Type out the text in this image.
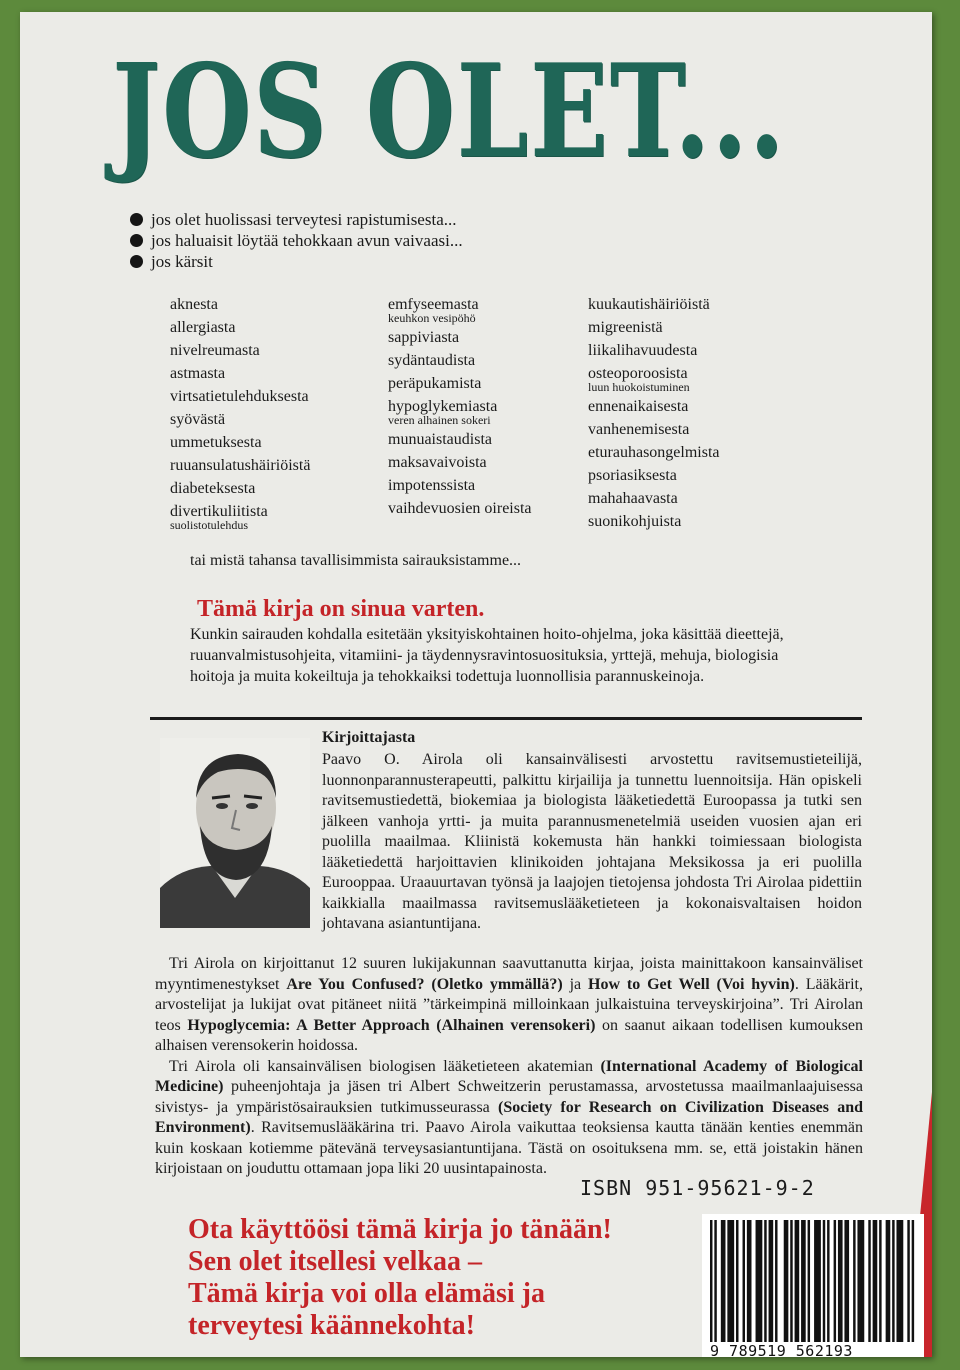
JOS OLET...
jos olet huolissasi terveytesi rapistumisesta...
jos haluaisit löytää tehokkaan avun vaivaasi...
jos kärsit
aknesta
allergiasta
nivelreumasta
astmasta
virtsatietulehduksesta
syövästä
ummetuksesta
ruuansulatushäiriöistä
diabeteksesta
divertikuliitista
suolistotulehdus
emfyseemasta
keuhkon vesipöhö
sappiviasta
sydäntaudista
peräpukamista
hypoglykemiasta
veren alhainen sokeri
munuaistaudista
maksavaivoista
impotenssista
vaihdevuosien oireista
kuukautishäiriöistä
migreenistä
liikalihavuudesta
osteoporoosista
luun huokoistuminen
ennenaikaisesta
vanhenemisesta
eturauhasongelmista
psoriasiksesta
mahahaavasta
suonikohjuista
tai mistä tahansa tavallisimmista sairauksistamme...
Tämä kirja on sinua varten.

Kunkin sairauden kohdalla esitetään yksityiskohtainen hoito-ohjelma, joka käsittää dieettejä, ruuanvalmistusohjeita, vitamiini- ja täydennysravintosuosituksia, yrttejä, mehuja, biologisia hoitoja ja muita kokeiltuja ja tehokkaiksi todettuja luonnollisia parannuskeinoja.

Kirjoittajasta

Paavo O. Airola oli kansainvälisesti arvostettu ravitsemustieteilijä, luonnonparannusterapeutti, palkittu kirjailija ja tunnettu luennoitsija. Hän opiskeli ravitsemustiedettä, biokemiaa ja biologista lääketiedettä Euroopassa ja tutki sen jälkeen vanhoja yrtti- ja muita parannusmenetelmiä useiden vuosien ajan eri puolilla maailmaa. Kliinistä kokemusta hän hankki toimiessaan biologista lääketiedettä harjoittavien klinikoiden johtajana Meksikossa ja eri puolilla Eurooppaa. Uraauurtavan työnsä ja laajojen tietojensa johdosta Tri Airolaa pidettiin kaikkialla maailmassa ravitsemuslääketieteen ja kokonaisvaltaisen hoidon johtavana asiantuntijana.

Tri Airola on kirjoittanut 12 suuren lukijakunnan saavuttanutta kirjaa, joista mainittakoon kansainväliset myyntimenestykset Are You Confused? (Oletko ymmällä?) ja How to Get Well (Voi hyvin). Lääkärit, arvostelijat ja lukijat ovat pitäneet niitä ”tärkeimpinä milloinkaan julkaistuina terveyskirjoina”. Tri Airolan teos Hypoglycemia: A Better Approach (Alhainen verensokeri) on saanut aikaan todellisen kumouksen alhaisen verensokerin hoidossa.

Tri Airola oli kansainvälisen biologisen lääketieteen akatemian (International Academy of Biological Medicine) puheenjohtaja ja jäsen tri Albert Schweitzerin perustamassa, arvostetussa maailmanlaajuisessa sivistys- ja ympäristösairauksien tutkimusseurassa (Society for Research on Civilization Diseases and Environment). Ravitsemuslääkärina tri. Paavo Airola vaikuttaa teoksiensa kautta tänään kenties enemmän kuin koskaan kotiemme pätevänä terveysasiantuntijana. Tästä on osoituksena mm. se, että joistakin hänen kirjoistaan on jouduttu ottamaan jopa liki 20 uusintapainosta.

ISBN 951-95621-9-2
Ota käyttöösi tämä kirja jo tänään!
Sen olet itsellesi velkaa –
Tämä kirja voi olla elämäsi ja
terveytesi käännekohta!
9 789519 562193
